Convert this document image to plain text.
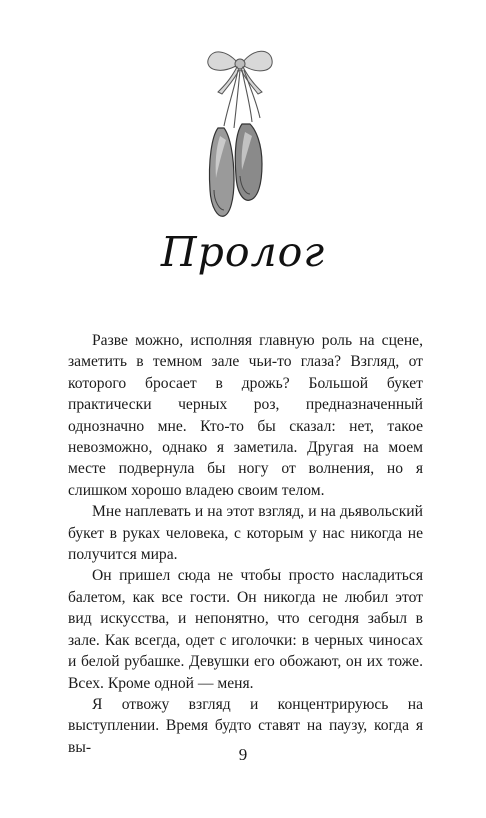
Пролог

Разве можно, исполняя главную роль на сцене, заметить в темном зале чьи-то глаза? Взгляд, от которого бросает в дрожь? Большой букет практически черных роз, предназначенный однозначно мне. Кто-то бы сказал: нет, такое невозможно, однако я заметила. Другая на моем месте подвернула бы ногу от волнения, но я слишком хорошо владею своим телом.

Мне наплевать и на этот взгляд, и на дьявольский букет в руках человека, с которым у нас никогда не получится мира.

Он пришел сюда не чтобы просто насладиться балетом, как все гости. Он никогда не любил этот вид искусства, и непонятно, что сегодня забыл в зале. Как всегда, одет с иголочки: в черных чиносах и белой рубашке. Девушки его обожают, он их тоже. Всех. Кроме одной — меня.

Я отвожу взгляд и концентрируюсь на выступлении. Время будто ставят на паузу, когда я вы-	9
